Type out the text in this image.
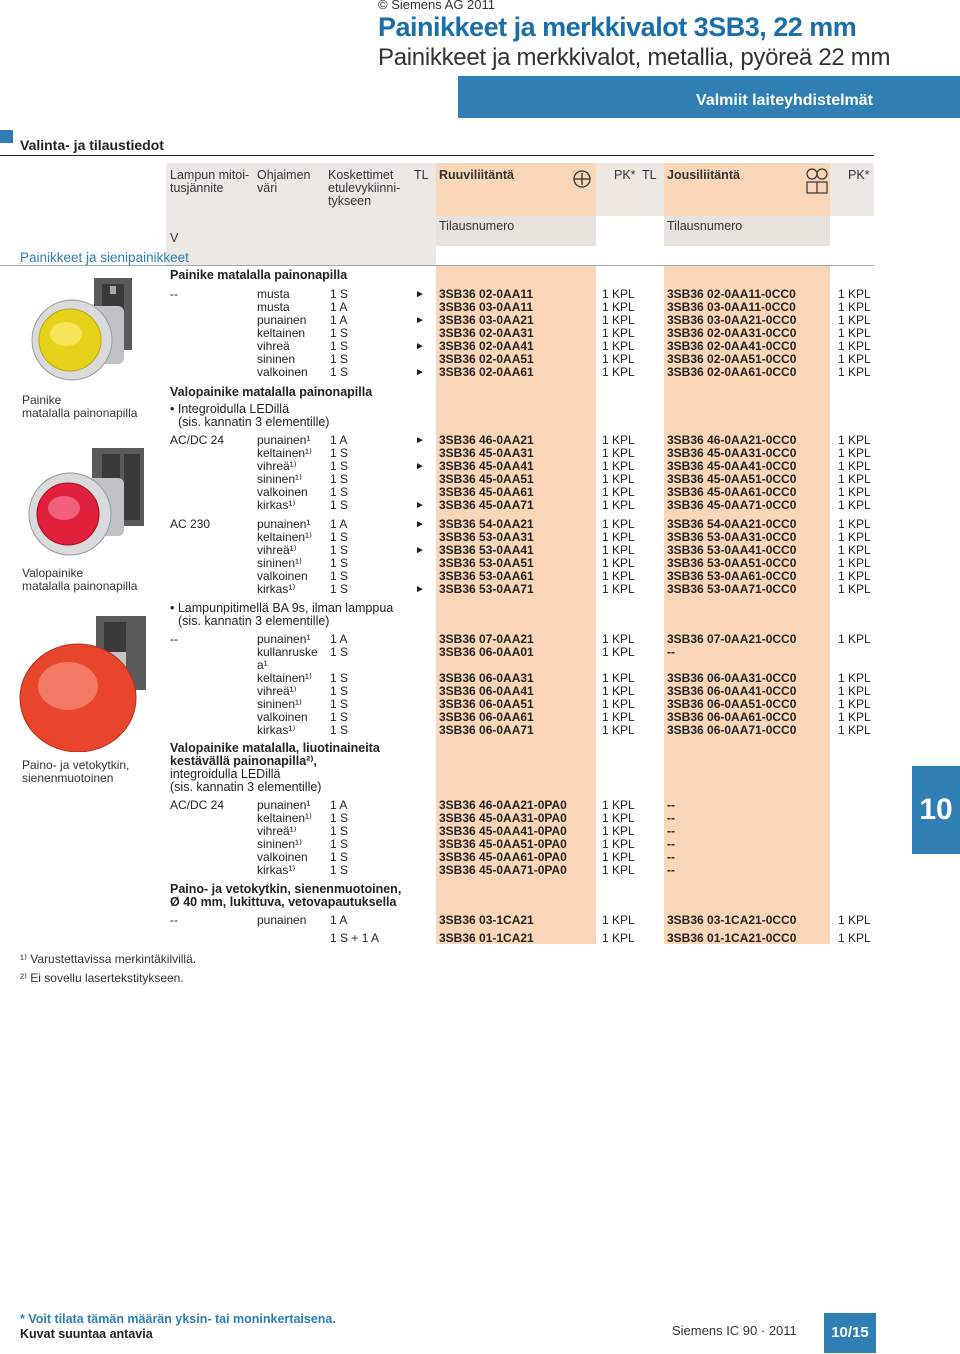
© Siemens AG 2011
Painikkeet ja merkkivalot 3SB3, 22 mm
Painikkeet ja merkkivalot, metallia, pyöreä 22 mm
Valmiit laiteyhdistelmät
Valinta- ja tilaustiedot
Lampun mitoi-
tusjännite
V
Ohjaimen
väri
Koskettimet
etulevykiinni-
tykseen
TL Ruuviliitäntä	PK* TL Jousiliitäntä	PK*
Tilausnumero	Tilausnumero
Painikkeet ja sienipainikkeet
Painike
matalalla painonapilla
Valopainike
matalalla painonapilla
Paino- ja vetokytkin,
sienenmuotoinen
Painike matalalla painonapilla
Valopainike matalalla painonapilla
• Integroidulla LEDillä
(sis. kannatin 3 elementille)
• Lampunpitimellä BA 9s, ilman lamppua
(sis. kannatin 3 elementille)
Valopainike matalalla, liuotinaineita
kestävällä painonapilla²⁾,
integroidulla LEDillä
(sis. kannatin 3 elementille)
Paino- ja vetokytkin, sienenmuotoinen,
Ø 40 mm, lukittuva, vetovapautuksella
--	musta	1 S	► 3SB36 02-0AA11	1 KPL	3SB36 02-0AA11-0CC0	1 KPL
musta	1 A	3SB36 03-0AA11	1 KPL	3SB36 03-0AA11-0CC0	1 KPL
punainen 1 A	► 3SB36 03-0AA21	1 KPL	3SB36 03-0AA21-0CC0	1 KPL
keltainen 1 S	3SB36 02-0AA31	1 KPL	3SB36 02-0AA31-0CC0	1 KPL
vihreä	1 S	► 3SB36 02-0AA41	1 KPL	3SB36 02-0AA41-0CC0	1 KPL
sininen	1 S	3SB36 02-0AA51	1 KPL	3SB36 02-0AA51-0CC0	1 KPL
valkoinen 1 S	► 3SB36 02-0AA61	1 KPL	3SB36 02-0AA61-0CC0	1 KPL
AC/DC 24	punainen¹ 1 A	► 3SB36 46-0AA21	1 KPL	3SB36 46-0AA21-0CC0	1 KPL
keltainen¹⁾ 1 S	3SB36 45-0AA31	1 KPL	3SB36 45-0AA31-0CC0	1 KPL
vihreä¹⁾	1 S	► 3SB36 45-0AA41	1 KPL	3SB36 45-0AA41-0CC0	1 KPL
sininen¹⁾ 1 S	3SB36 45-0AA51	1 KPL	3SB36 45-0AA51-0CC0	1 KPL
valkoinen 1 S	3SB36 45-0AA61	1 KPL	3SB36 45-0AA61-0CC0	1 KPL
kirkas¹⁾	1 S	► 3SB36 45-0AA71	1 KPL	3SB36 45-0AA71-0CC0	1 KPL
AC 230	punainen¹ 1 A	► 3SB36 54-0AA21	1 KPL	3SB36 54-0AA21-0CC0	1 KPL
keltainen¹⁾ 1 S	3SB36 53-0AA31	1 KPL	3SB36 53-0AA31-0CC0	1 KPL
vihreä¹⁾	1 S	► 3SB36 53-0AA41	1 KPL	3SB36 53-0AA41-0CC0	1 KPL
sininen¹⁾ 1 S	3SB36 53-0AA51	1 KPL	3SB36 53-0AA51-0CC0	1 KPL
valkoinen 1 S	3SB36 53-0AA61	1 KPL	3SB36 53-0AA61-0CC0	1 KPL
kirkas¹⁾	1 S	► 3SB36 53-0AA71	1 KPL	3SB36 53-0AA71-0CC0	1 KPL
--	punainen¹ 1 A	3SB36 07-0AA21	1 KPL	3SB36 07-0AA21-0CC0	1 KPL
kullanruske 1 S	3SB36 06-0AA01	1 KPL	--
a¹
keltainen¹⁾ 1 S	3SB36 06-0AA31	1 KPL	3SB36 06-0AA31-0CC0	1 KPL
vihreä¹⁾	1 S	3SB36 06-0AA41	1 KPL	3SB36 06-0AA41-0CC0	1 KPL
sininen¹⁾ 1 S	3SB36 06-0AA51	1 KPL	3SB36 06-0AA51-0CC0	1 KPL
valkoinen 1 S	3SB36 06-0AA61	1 KPL	3SB36 06-0AA61-0CC0	1 KPL
kirkas¹⁾	1 S	3SB36 06-0AA71	1 KPL	3SB36 06-0AA71-0CC0	1 KPL
AC/DC 24	punainen¹ 1 A	3SB36 46-0AA21-0PA0	1 KPL	--
keltainen¹⁾ 1 S	3SB36 45-0AA31-0PA0	1 KPL	--
vihreä¹⁾	1 S	3SB36 45-0AA41-0PA0	1 KPL	--
sininen¹⁾ 1 S	3SB36 45-0AA51-0PA0	1 KPL	--
valkoinen 1 S	3SB36 45-0AA61-0PA0	1 KPL	--
kirkas¹⁾	1 S	3SB36 45-0AA71-0PA0	1 KPL	--
--	punainen 1 A	3SB36 03-1CA21	1 KPL	3SB36 03-1CA21-0CC0	1 KPL
1 S + 1 A	3SB36 01-1CA21	1 KPL	3SB36 01-1CA21-0CC0	1 KPL
¹⁾ Varustettavissa merkintäkilvillä.
²⁾ Ei sovellu lasertekstitykseen.
10
* Voit tilata tämän määrän yksin- tai moninkertaisena.
Kuvat suuntaa antavia	Siemens IC 90 · 2011	10/15
